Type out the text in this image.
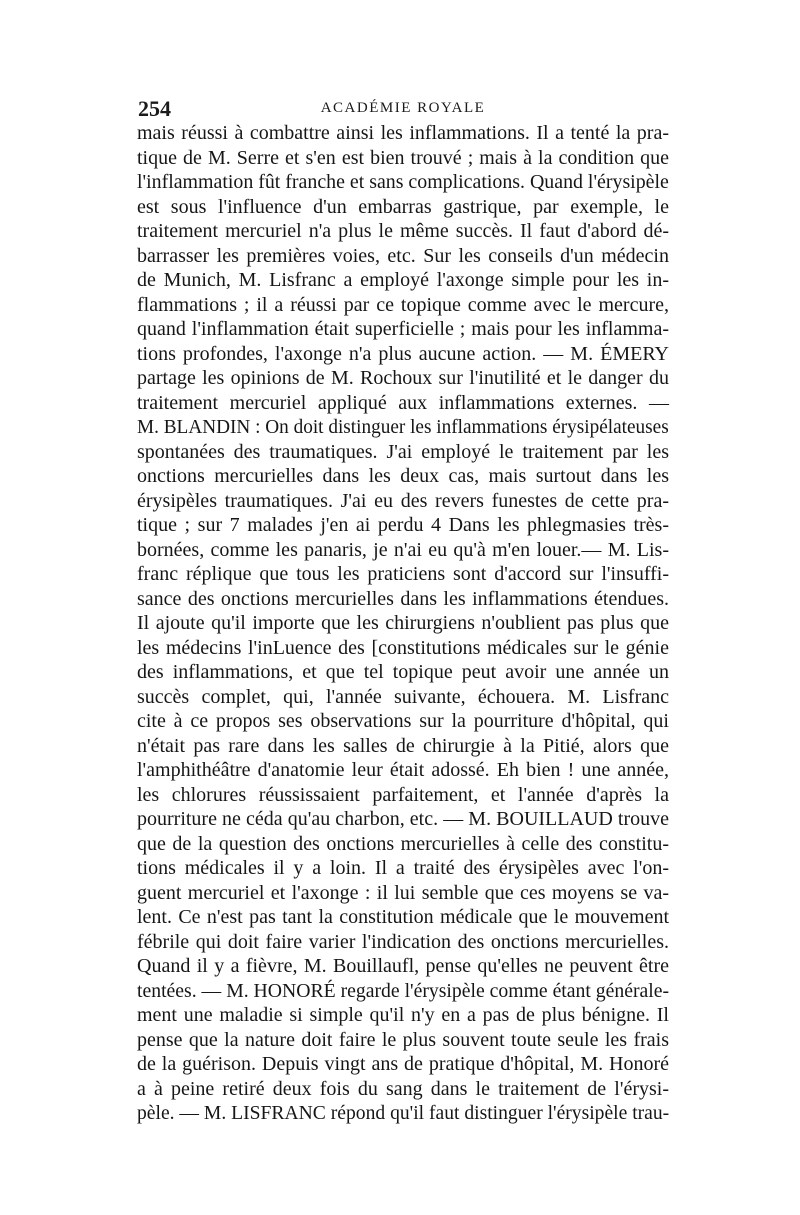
254	ACADÉMIE ROYALE
mais réussi à combattre ainsi les inflammations. Il a tenté la pra-
tique de M. Serre et s'en est bien trouvé ; mais à la condition que
l'inflammation fût franche et sans complications. Quand l'érysipèle
est sous l'influence d'un embarras gastrique, par exemple, le
traitement mercuriel n'a plus le même succès. Il faut d'abord dé-
barrasser les premières voies, etc. Sur les conseils d'un médecin
de Munich, M. Lisfranc a employé l'axonge simple pour les in-
flammations ; il a réussi par ce topique comme avec le mercure,
quand l'inflammation était superficielle ; mais pour les inflamma-
tions profondes, l'axonge n'a plus aucune action. — M. ÉMERY
partage les opinions de M. Rochoux sur l'inutilité et le danger du
traitement mercuriel appliqué aux inflammations externes. —
M. BLANDIN : On doit distinguer les inflammations érysipélateuses
spontanées des traumatiques. J'ai employé le traitement par les
onctions mercurielles dans les deux cas, mais surtout dans les
érysipèles traumatiques. J'ai eu des revers funestes de cette pra-
tique ; sur 7 malades j'en ai perdu 4 Dans les phlegmasies très-
bornées, comme les panaris, je n'ai eu qu'à m'en louer.— M. Lis-
franc réplique que tous les praticiens sont d'accord sur l'insuffi-
sance des onctions mercurielles dans les inflammations étendues.
Il ajoute qu'il importe que les chirurgiens n'oublient pas plus que
les médecins l'inLuence des [constitutions médicales sur le génie
des inflammations, et que tel topique peut avoir une année un
succès complet, qui, l'année suivante, échouera. M. Lisfranc
cite à ce propos ses observations sur la pourriture d'hôpital, qui
n'était pas rare dans les salles de chirurgie à la Pitié, alors que
l'amphithéâtre d'anatomie leur était adossé. Eh bien ! une année,
les chlorures réussissaient parfaitement, et l'année d'après la
pourriture ne céda qu'au charbon, etc. — M. BOUILLAUD trouve
que de la question des onctions mercurielles à celle des constitu-
tions médicales il y a loin. Il a traité des érysipèles avec l'on-
guent mercuriel et l'axonge : il lui semble que ces moyens se va-
lent. Ce n'est pas tant la constitution médicale que le mouvement
fébrile qui doit faire varier l'indication des onctions mercurielles.
Quand il y a fièvre, M. Bouillaufl, pense qu'elles ne peuvent être
tentées. — M. HONORÉ regarde l'érysipèle comme étant générale-
ment une maladie si simple qu'il n'y en a pas de plus bénigne. Il
pense que la nature doit faire le plus souvent toute seule les frais
de la guérison. Depuis vingt ans de pratique d'hôpital, M. Honoré
a à peine retiré deux fois du sang dans le traitement de l'érysi-
pèle. — M. LISFRANC répond qu'il faut distinguer l'érysipèle trau-
